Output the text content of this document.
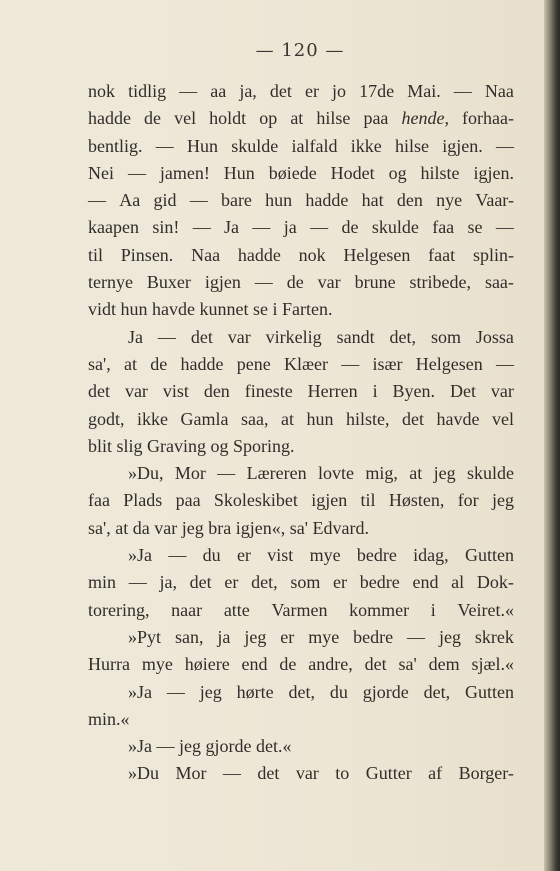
— 120 —
nok tidlig — aa ja, det er jo 17de Mai. — Naa
hadde de vel holdt op at hilse paa hende, forhaa-
bentlig. — Hun skulde ialfald ikke hilse igjen. —
Nei — jamen! Hun bøiede Hodet og hilste igjen.
— Aa gid — bare hun hadde hat den nye Vaar-
kaapen sin! — Ja — ja — de skulde faa se —
til Pinsen. Naa hadde nok Helgesen faat splin-
ternye Buxer igjen — de var brune stribede, saa-
vidt hun havde kunnet se i Farten.
Ja — det var virkelig sandt det, som Jossa
sa', at de hadde pene Klæer — især Helgesen —
det var vist den fineste Herren i Byen. Det var
godt, ikke Gamla saa, at hun hilste, det havde vel
blit slig Graving og Sporing.
»Du, Mor — Læreren lovte mig, at jeg skulde
faa Plads paa Skoleskibet igjen til Høsten, for jeg
sa', at da var jeg bra igjen«, sa' Edvard.
»Ja — du er vist mye bedre idag, Gutten
min — ja, det er det, som er bedre end al Dok-
torering, naar atte Varmen kommer i Veiret.«
»Pyt san, ja jeg er mye bedre — jeg skrek
Hurra mye høiere end de andre, det sa' dem sjæl.«
»Ja — jeg hørte det, du gjorde det, Gutten
min.«
»Ja — jeg gjorde det.«
»Du Mor — det var to Gutter af Borger-
